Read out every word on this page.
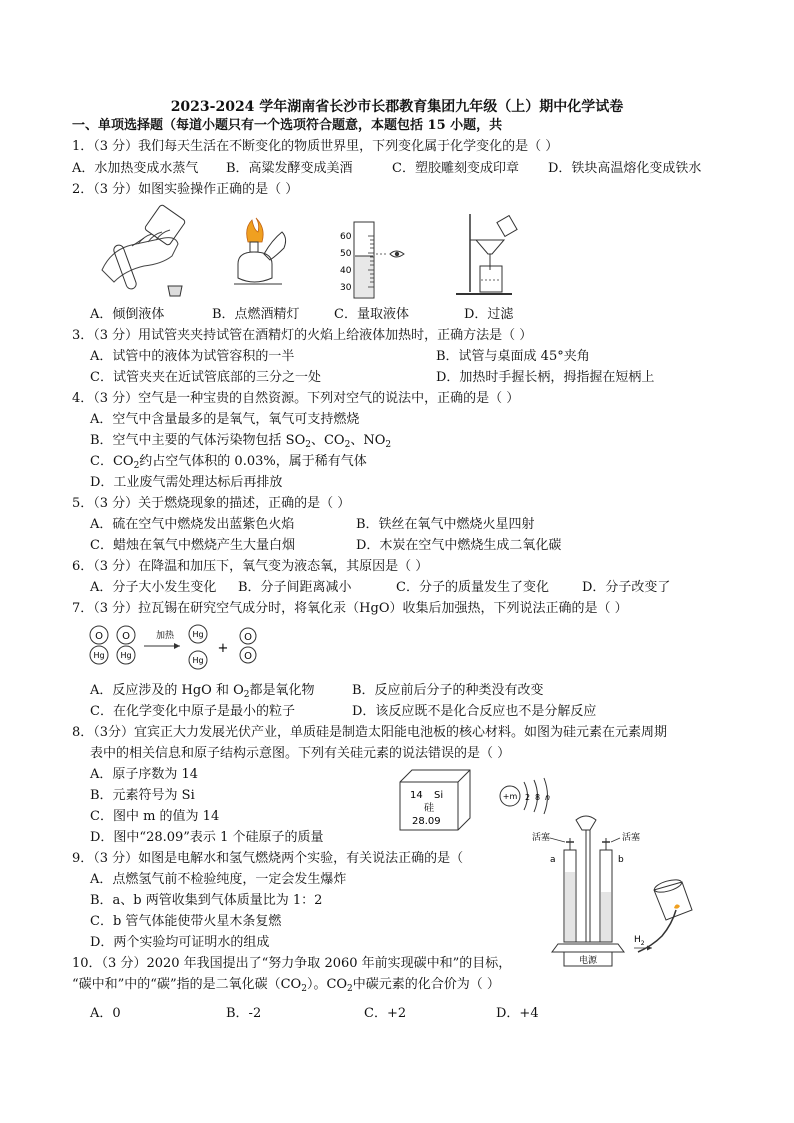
2023-2024 学年湖南省长沙市长郡教育集团九年级（上）期中化学试卷
一、单项选择题（每道小题只有一个选项符合题意，本题包括 15 小题，共
1．（3 分）我们每天生活在不断变化的物质世界里，下列变化属于化学变化的是（ ）
A．水加热变成水蒸气 B．高粱发酵变成美酒	C．塑胶雕刻变成印章 D．铁块高温熔化变成铁水
2．（3 分）如图实验操作正确的是（ ）
60
50
40
30
A．倾倒液体	B．点燃酒精灯	C．量取液体	D．过滤
3．（3 分）用试管夹夹持试管在酒精灯的火焰上给液体加热时，正确方法是（ ）
A．试管中的液体为试管容积的一半	B．试管与桌面成 45°夹角
C．试管夹夹在近试管底部的三分之一处	D．加热时手握长柄，拇指握在短柄上
4．（3 分）空气是一种宝贵的自然资源。下列对空气的说法中，正确的是（ ）
A．空气中含量最多的是氧气，氧气可支持燃烧
B．空气中主要的气体污染物包括 $SO_2$、$CO_2$、$NO_2$
C．$CO_2$约占空气体积的 0.03%，属于稀有气体
D．工业废气需处理达标后再排放
5．（3 分）关于燃烧现象的描述，正确的是（ ）
A．硫在空气中燃烧发出蓝紫色火焰	B．铁丝在氧气中燃烧火星四射
C．蜡烛在氧气中燃烧产生大量白烟	D．木炭在空气中燃烧生成二氧化碳
6．（3 分）在降温和加压下，氧气变为液态氧，其原因是（ ）
A．分子大小发生变化 B．分子间距离减小	C．分子的质量发生了变化	D．分子改变了
7．（3 分）拉瓦锡在研究空气成分时，将氧化汞（HgO）收集后加强热，下列说法正确的是（ ）
O
Hg
O
Hg
加热 Hg
Hg
+
O
O
A．反应涉及的 HgO 和 $O_2$都是氧化物	B．反应前后分子的种类没有改变
C．在化学变化中原子是最小的粒子	D．该反应既不是化合反应也不是分解反应
8．（3分）宜宾正大力发展光伏产业，单质硅是制造太阳能电池板的核心材料。如图为硅元素在元素周期
表中的相关信息和原子结构示意图。下列有关硅元素的说法错误的是（ ）
A．原子序数为 14
B．元素符号为 Si
C．图中 m 的值为 14
D．图中“28.09”表示 1 个硅原子的质量
14 Si
硅
28.09
+m 2 8 n
9．（3 分）如图是电解水和氢气燃烧两个实验，有关说法正确的是（
A．点燃氢气前不检验纯度，一定会发生爆炸
B．a、b 两管收集到气体质量比为 1：2
C．b 管气体能使带火星木条复燃
D．两个实验均可证明水的组成
活塞	活塞
a	b
电源
$H_2$
10．（3 分）2020 年我国提出了“努力争取 2060 年前实现碳中和”的目标，
“碳中和”中的“碳”指的是二氧化碳$(CO_2)$。$CO_2$中碳元素的化合价为（ ）
A．0	B．-2	C．+2	D．+4
